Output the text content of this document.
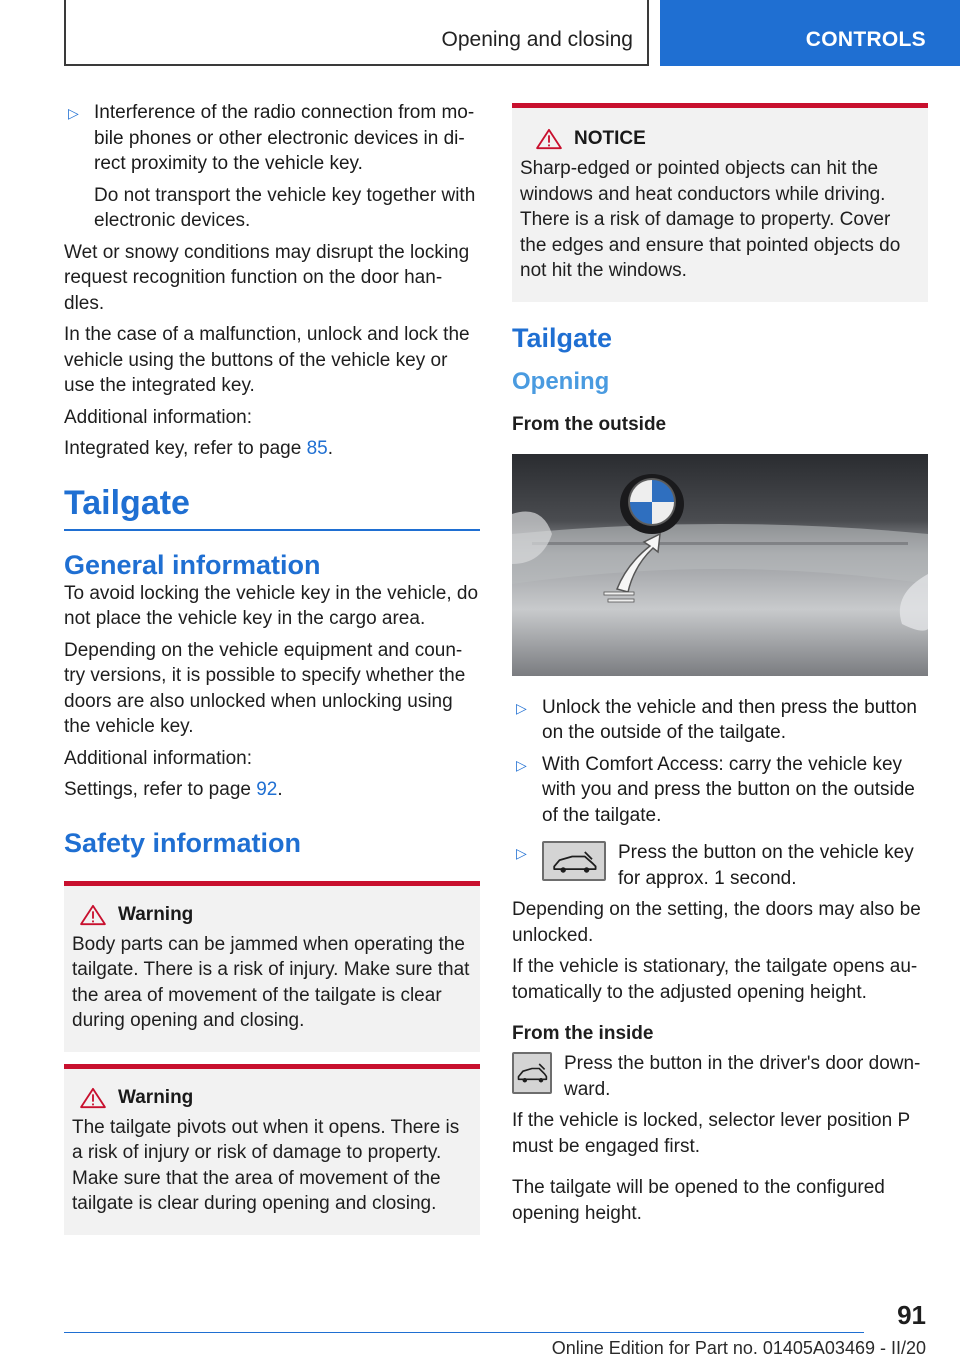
Opening and closing	CONTROLS
▷ Interference of the radio connection from mo-bile phones or other electronic devices in di-rect proximity to the vehicle key.

Do not transport the vehicle key together with electronic devices.

Wet or snowy conditions may disrupt the locking request recognition function on the door han-dles.

In the case of a malfunction, unlock and lock the vehicle using the buttons of the vehicle key or use the integrated key.

Additional information:

Integrated key, refer to page 85.

Tailgate
General information

To avoid locking the vehicle key in the vehicle, do not place the vehicle key in the cargo area.

Depending on the vehicle equipment and coun-try versions, it is possible to specify whether the doors are also unlocked when unlocking using the vehicle key.

Additional information:

Settings, refer to page 92.

Safety information
Warning

Body parts can be jammed when operating the tailgate. There is a risk of injury. Make sure that the area of movement of the tailgate is clear during opening and closing.

Warning

The tailgate pivots out when it opens. There is a risk of injury or risk of damage to property. Make sure that the area of movement of the tailgate is clear during opening and closing.

NOTICE

Sharp-edged or pointed objects can hit the windows and heat conductors while driving. There is a risk of damage to property. Cover the edges and ensure that pointed objects do not hit the windows.

Tailgate
Opening
From the outside
▷ Unlock the vehicle and then press the button on the outside of the tailgate.
▷ With Comfort Access: carry the vehicle key with you and press the button on the outside of the tailgate.
▷	Press the button on the vehicle key for approx. 1 second.

Depending on the setting, the doors may also be unlocked.

If the vehicle is stationary, the tailgate opens au-tomatically to the adjusted opening height.

From the inside

Press the button in the driver's door down-ward.

If the vehicle is locked, selector lever position P must be engaged first.

The tailgate will be opened to the configured opening height.

91
Online Edition for Part no. 01405A03469 - II/20
